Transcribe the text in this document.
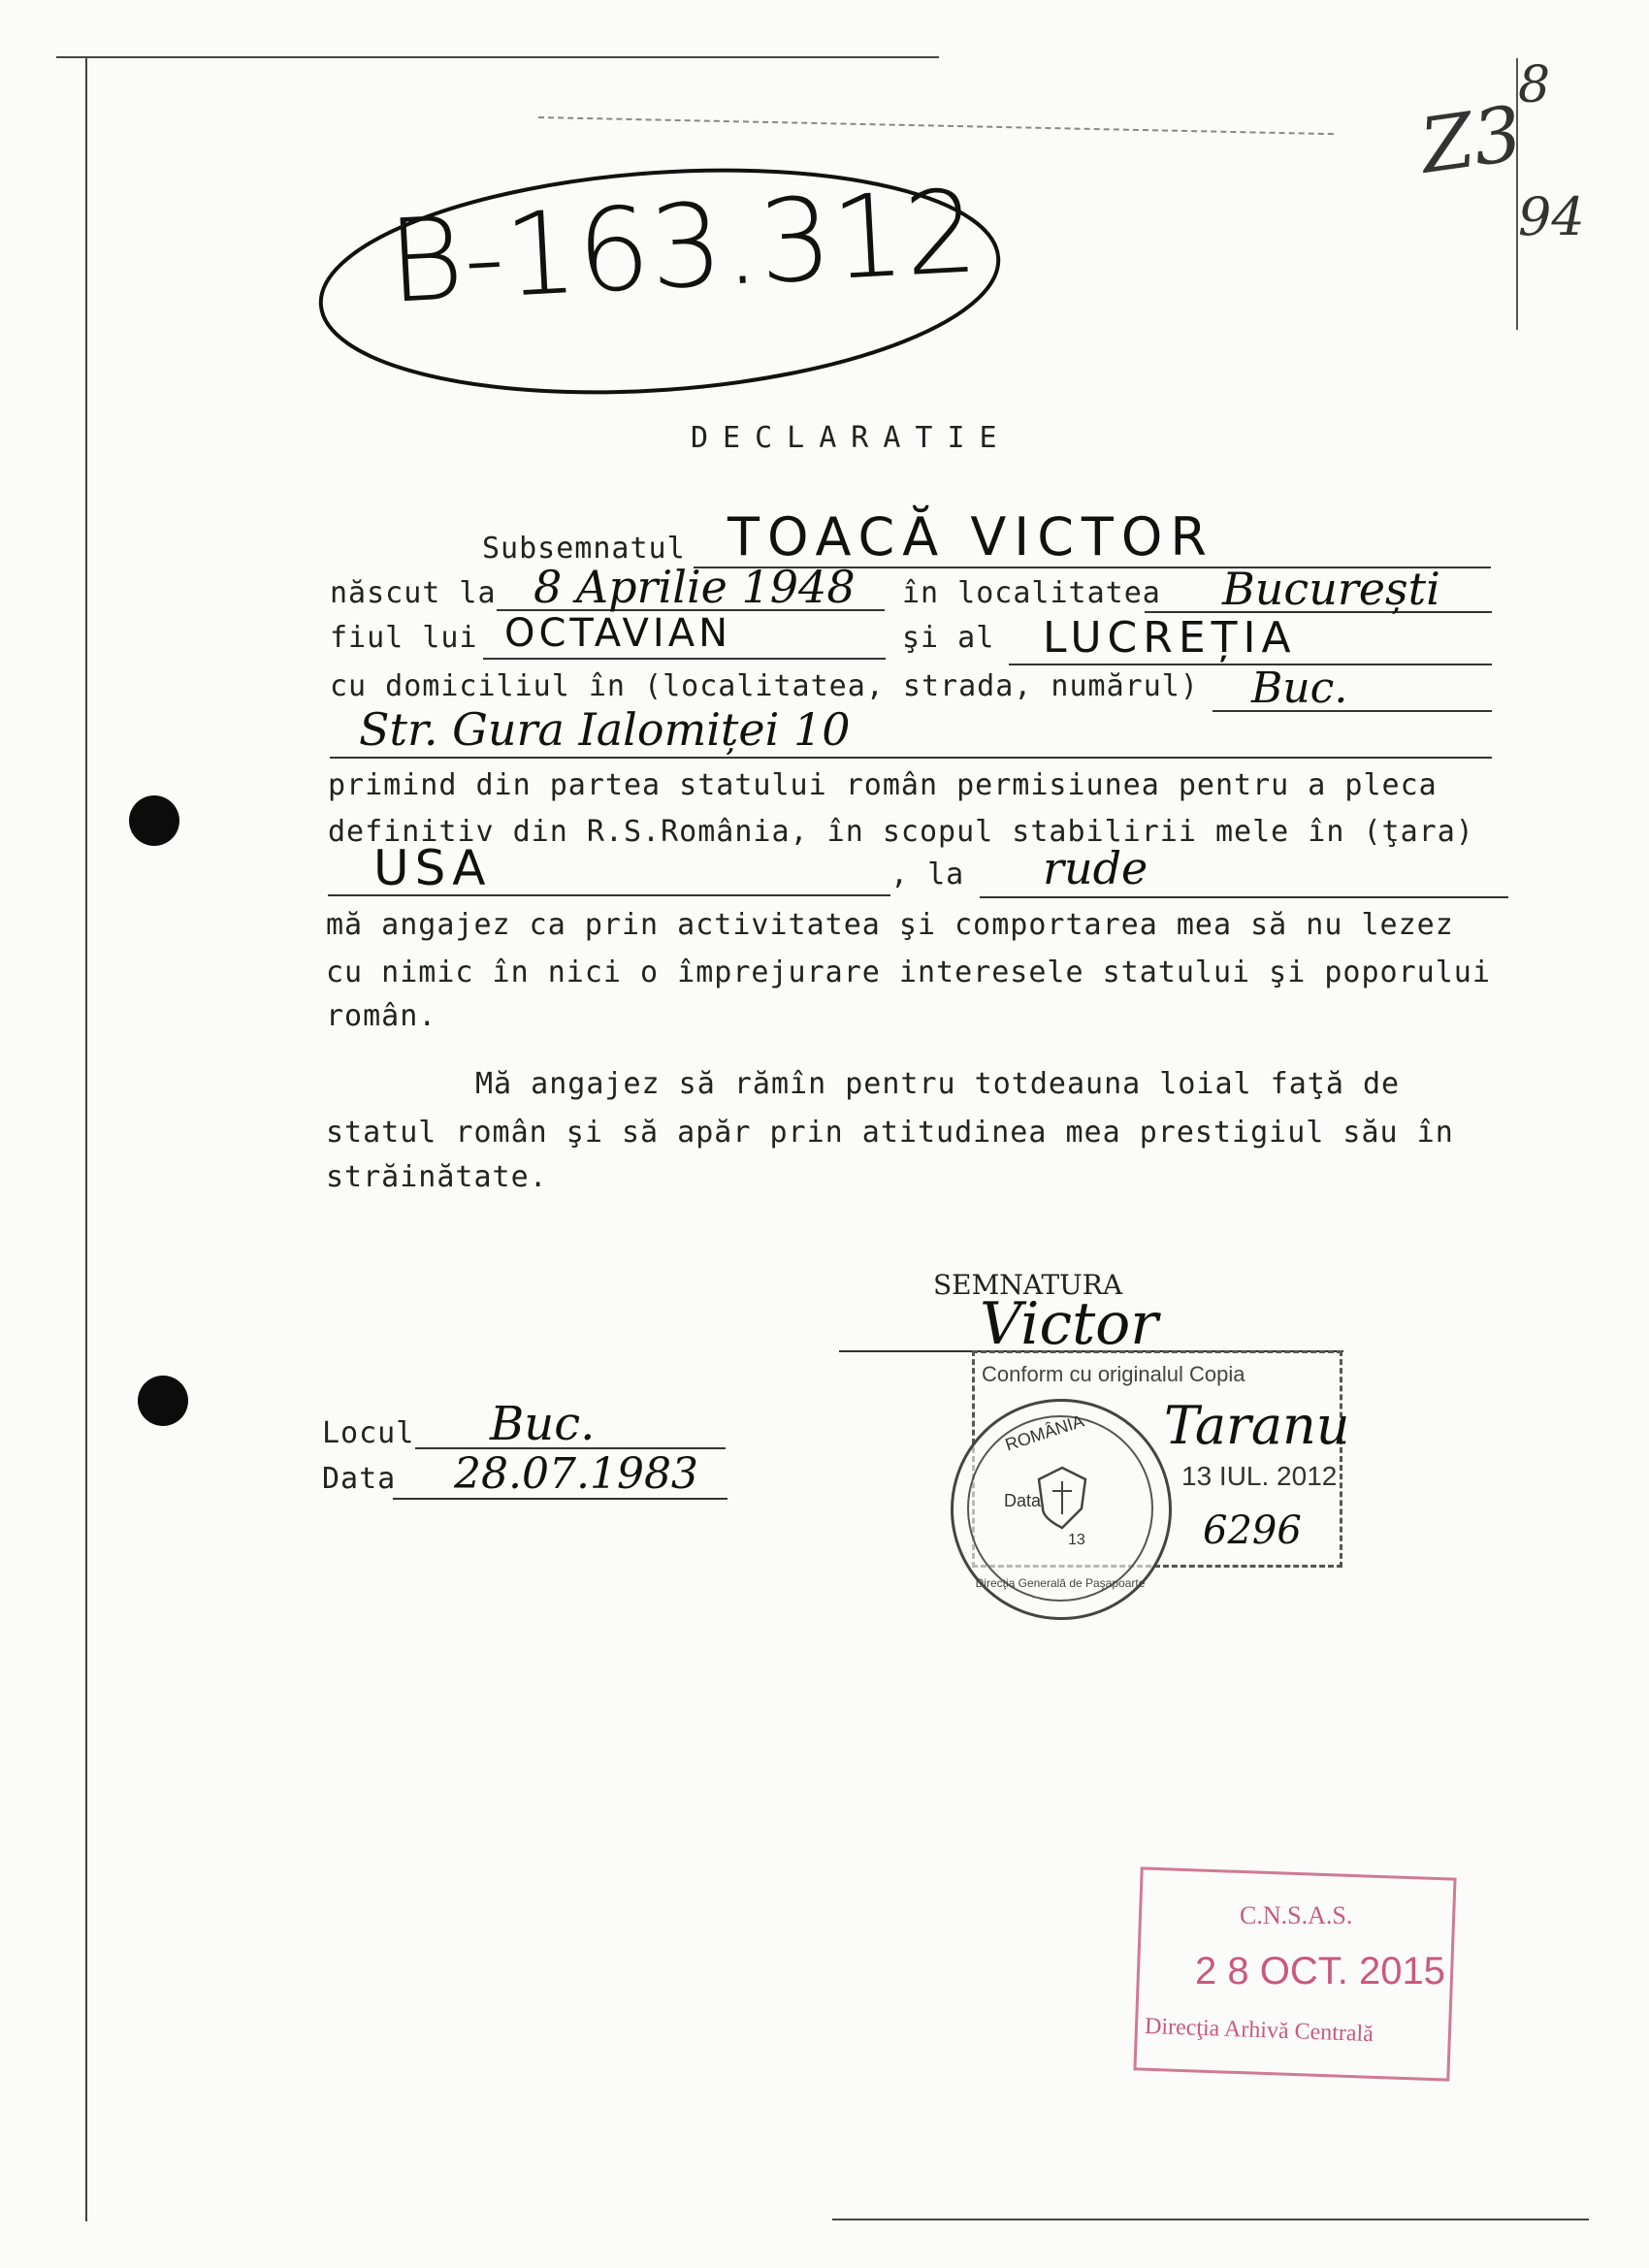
B-163.312
Z3
8
94
DECLARATIE
Subsemnatul TOACĂ VICTOR
născut la 8 Aprilie 1948 în localitatea București
fiul lui OCTAVIAN	şi al LUCREȚIA
cu domiciliul în (localitatea, strada, numărul) Buc.
Str. Gura Ialomiței 10
primind din partea statului român permisiunea pentru a pleca
definitiv din R.S.România, în scopul stabilirii mele în (ţara)
USA	, la rude
mă angajez ca prin activitatea şi comportarea mea să nu lezez
cu nimic în nici o împrejurare interesele statului şi poporului
român.
Mă angajez să rămîn pentru totdeauna loial faţă de
statul român şi să apăr prin atitudinea mea prestigiul său în
străinătate.
SEMNATURA
Victor
Locul Buc.
Data 28.07.1983
Conform cu originalul Copia
Taranu
13 IUL. 2012
6296
ROMÂNIA
Direcţia Generală de Paşapoarte
Data
13
C.N.S.A.S.
2 8 OCT. 2015
Direcţia Arhivă Centrală
